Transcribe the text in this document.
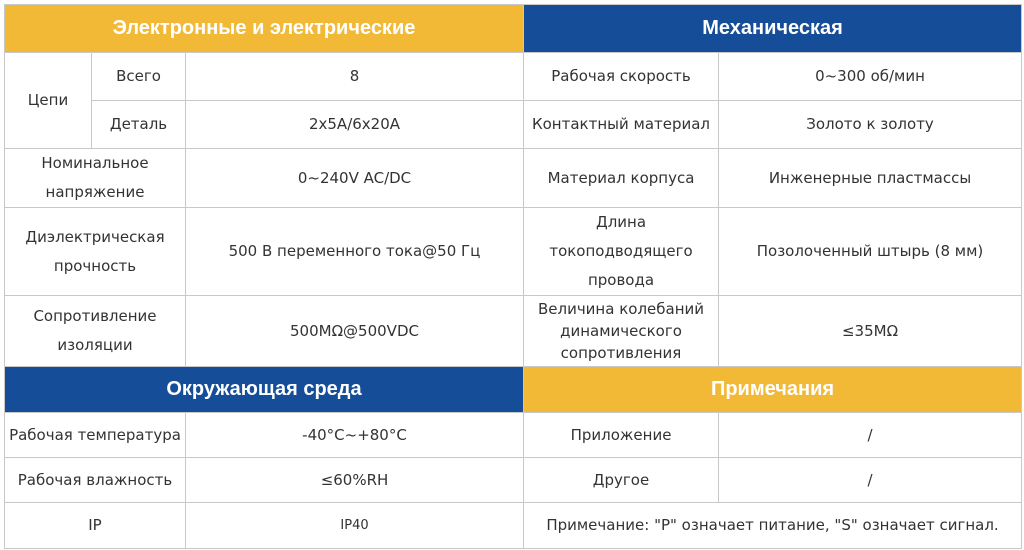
Электронные и электрические			Механическая	
Цепи	Всего	8	Рабочая скорость	0~300 об/мин
	Деталь	2x5A/6x20A	Контактный материал	Золото к золоту
Номинальное напряжение		0~240V AC/DC	Материал корпуса	Инженерные пластмассы
Диэлектрическая прочность		500 В переменного тока@50 Гц	Длина токоподводящего провода	Позолоченный штырь (8 мм)
Сопротивление изоляции		500MΩ@500VDC	Величина колебаний динамического сопротивления	≤35MΩ
Окружающая среда			Примечания	
Рабочая температура		-40°C~+80°C	Приложение	/
Рабочая влажность		≤60%RH	Другое	/
IP		IP40	Примечание: "P" означает питание, "S" означает сигнал.	
